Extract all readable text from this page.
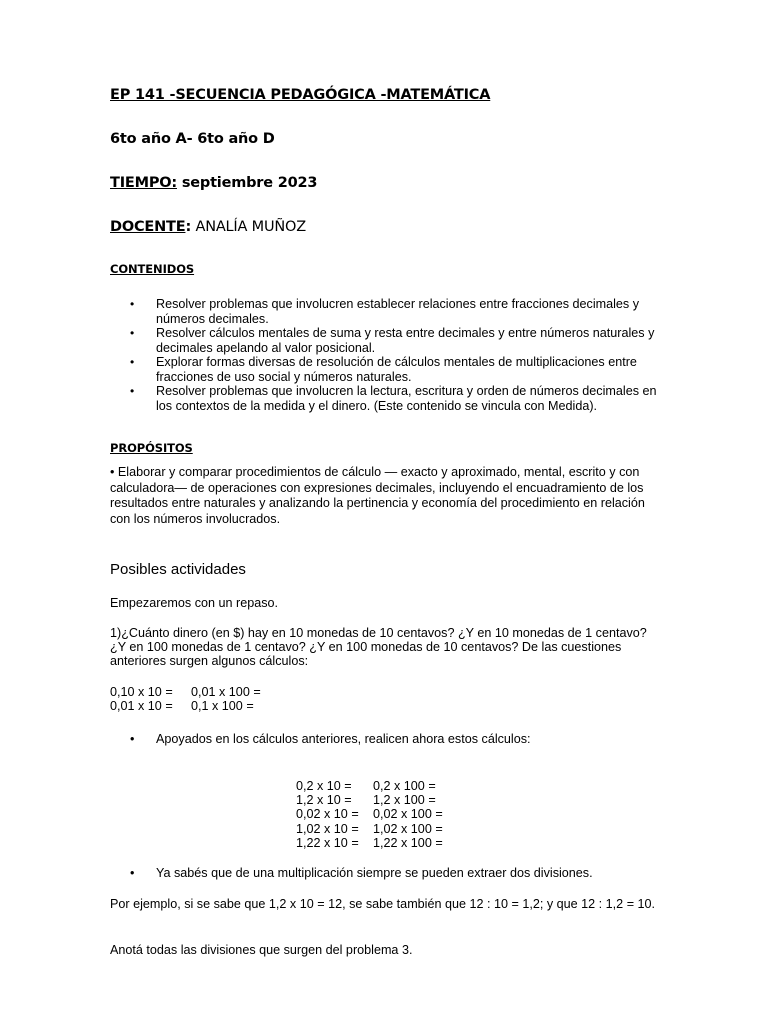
EP 141 -SECUENCIA PEDAGÓGICA -MATEMÁTICA
6to año A- 6to año D
TIEMPO: septiembre 2023
DOCENTE: ANALÍA MUÑOZ
CONTENIDOS
• Resolver problemas que involucren establecer relaciones entre fracciones decimales y números decimales.
• Resolver cálculos mentales de suma y resta entre decimales y entre números naturales y decimales apelando al valor posicional.
• Explorar formas diversas de resolución de cálculos mentales de multiplicaciones entre fracciones de uso social y números naturales.
• Resolver problemas que involucren la lectura, escritura y orden de números decimales en los contextos de la medida y el dinero. (Este contenido se vincula con Medida).
PROPÓSITOS
• Elaborar y comparar procedimientos de cálculo — exacto y aproximado, mental, escrito y con calculadora— de operaciones con expresiones decimales, incluyendo el encuadramiento de los resultados entre naturales y analizando la pertinencia y economía del procedimiento en relación con los números involucrados.
Posibles actividades
Empezaremos con un repaso.
1)¿Cuánto dinero (en $) hay en 10 monedas de 10 centavos? ¿Y en 10 monedas de 1 centavo? ¿Y en 100 monedas de 1 centavo? ¿Y en 100 monedas de 10 centavos? De las cuestiones anteriores surgen algunos cálculos:
0,10 x 10 = 0,01 x 100 =
0,01 x 10 = 0,1 x 100 =
• Apoyados en los cálculos anteriores, realicen ahora estos cálculos:
0,2 x 10 = 0,2 x 100 =
1,2 x 10 = 1,2 x 100 =
0,02 x 10 = 0,02 x 100 =
1,02 x 10 = 1,02 x 100 =
1,22 x 10 = 1,22 x 100 =
• Ya sabés que de una multiplicación siempre se pueden extraer dos divisiones.
Por ejemplo, si se sabe que 1,2 x 10 = 12, se sabe también que 12 : 10 = 1,2; y que 12 : 1,2 = 10.
Anotá todas las divisiones que surgen del problema 3.
